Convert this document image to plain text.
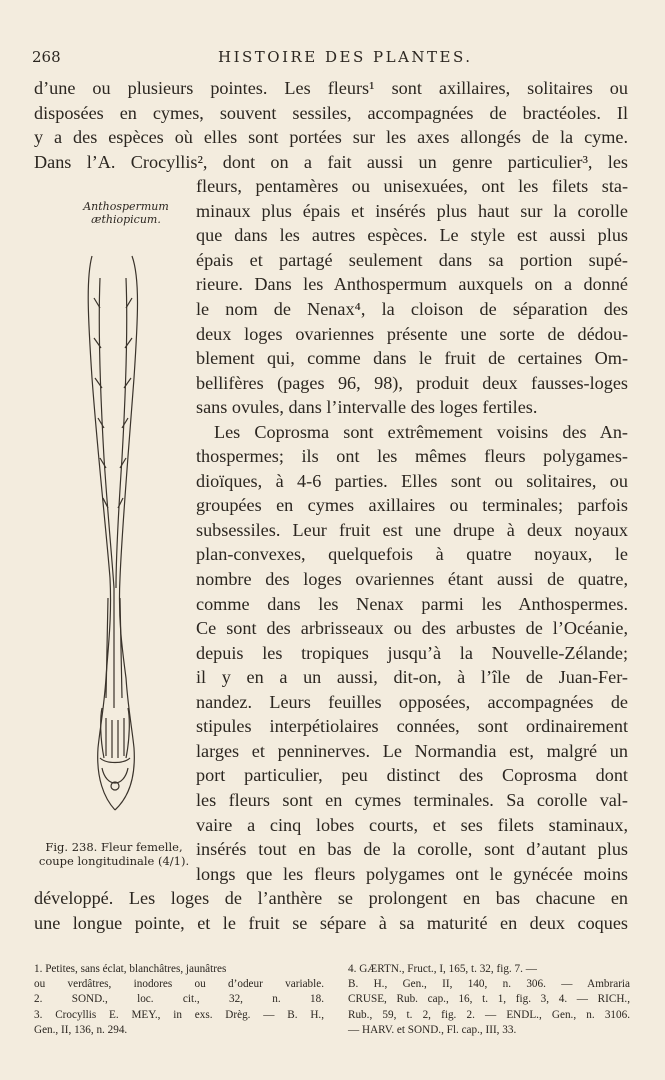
268	HISTOIRE DES PLANTES.
d’une ou plusieurs pointes. Les fleurs¹ sont axillaires, solitaires ou
disposées en cymes, souvent sessiles, accompagnées de bractéoles. Il
y a des espèces où elles sont portées sur les axes allongés de la cyme.
Dans l’A. Crocyllis², dont on a fait aussi un genre particulier³, les
fleurs, pentamères ou unisexuées, ont les filets sta-
minaux plus épais et insérés plus haut sur la corolle
que dans les autres espèces. Le style est aussi plus
épais et partagé seulement dans sa portion supé-
rieure. Dans les Anthospermum auxquels on a donné
le nom de Nenax⁴, la cloison de séparation des
deux loges ovariennes présente une sorte de dédou-
blement qui, comme dans le fruit de certaines Om-
bellifères (pages 96, 98), produit deux fausses-loges
sans ovules, dans l’intervalle des loges fertiles.
Les Coprosma sont extrêmement voisins des An-
thospermes; ils ont les mêmes fleurs polygames-
dioïques, à 4-6 parties. Elles sont ou solitaires, ou
groupées en cymes axillaires ou terminales; parfois
subsessiles. Leur fruit est une drupe à deux noyaux
plan-convexes, quelquefois à quatre noyaux, le
nombre des loges ovariennes étant aussi de quatre,
comme dans les Nenax parmi les Anthospermes.
Ce sont des arbrisseaux ou des arbustes de l’Océanie,
depuis les tropiques jusqu’à la Nouvelle-Zélande;
il y en a un aussi, dit-on, à l’île de Juan-Fer-
nandez. Leurs feuilles opposées, accompagnées de
stipules interpétiolaires connées, sont ordinairement
larges et penninerves. Le Normandia est, malgré un
port particulier, peu distinct des Coprosma dont
les fleurs sont en cymes terminales. Sa corolle val-
vaire a cinq lobes courts, et ses filets staminaux,
insérés tout en bas de la corolle, sont d’autant plus
longs que les fleurs polygames ont le gynécée moins
développé. Les loges de l’anthère se prolongent en bas chacune en
une longue pointe, et le fruit se sépare à sa maturité en deux coques
Anthospermum æthiopicum.
Fig. 238. Fleur femelle, coupe longitudinale (4/1).
1. Petites, sans éclat, blanchâtres, jaunâtres
ou verdâtres, inodores ou d’odeur variable.
2. SOND., loc. cit., 32, n. 18.
3. Crocyllis E. MEY., in exs. Drèg. — B. H.,
Gen., II, 136, n. 294.
4. GÆRTN., Fruct., I, 165, t. 32, fig. 7. —
B. H., Gen., II, 140, n. 306. — Ambraria
CRUSE, Rub. cap., 16, t. 1, fig. 3, 4. — RICH.,
Rub., 59, t. 2, fig. 2. — ENDL., Gen., n. 3106.
— HARV. et SOND., Fl. cap., III, 33.
